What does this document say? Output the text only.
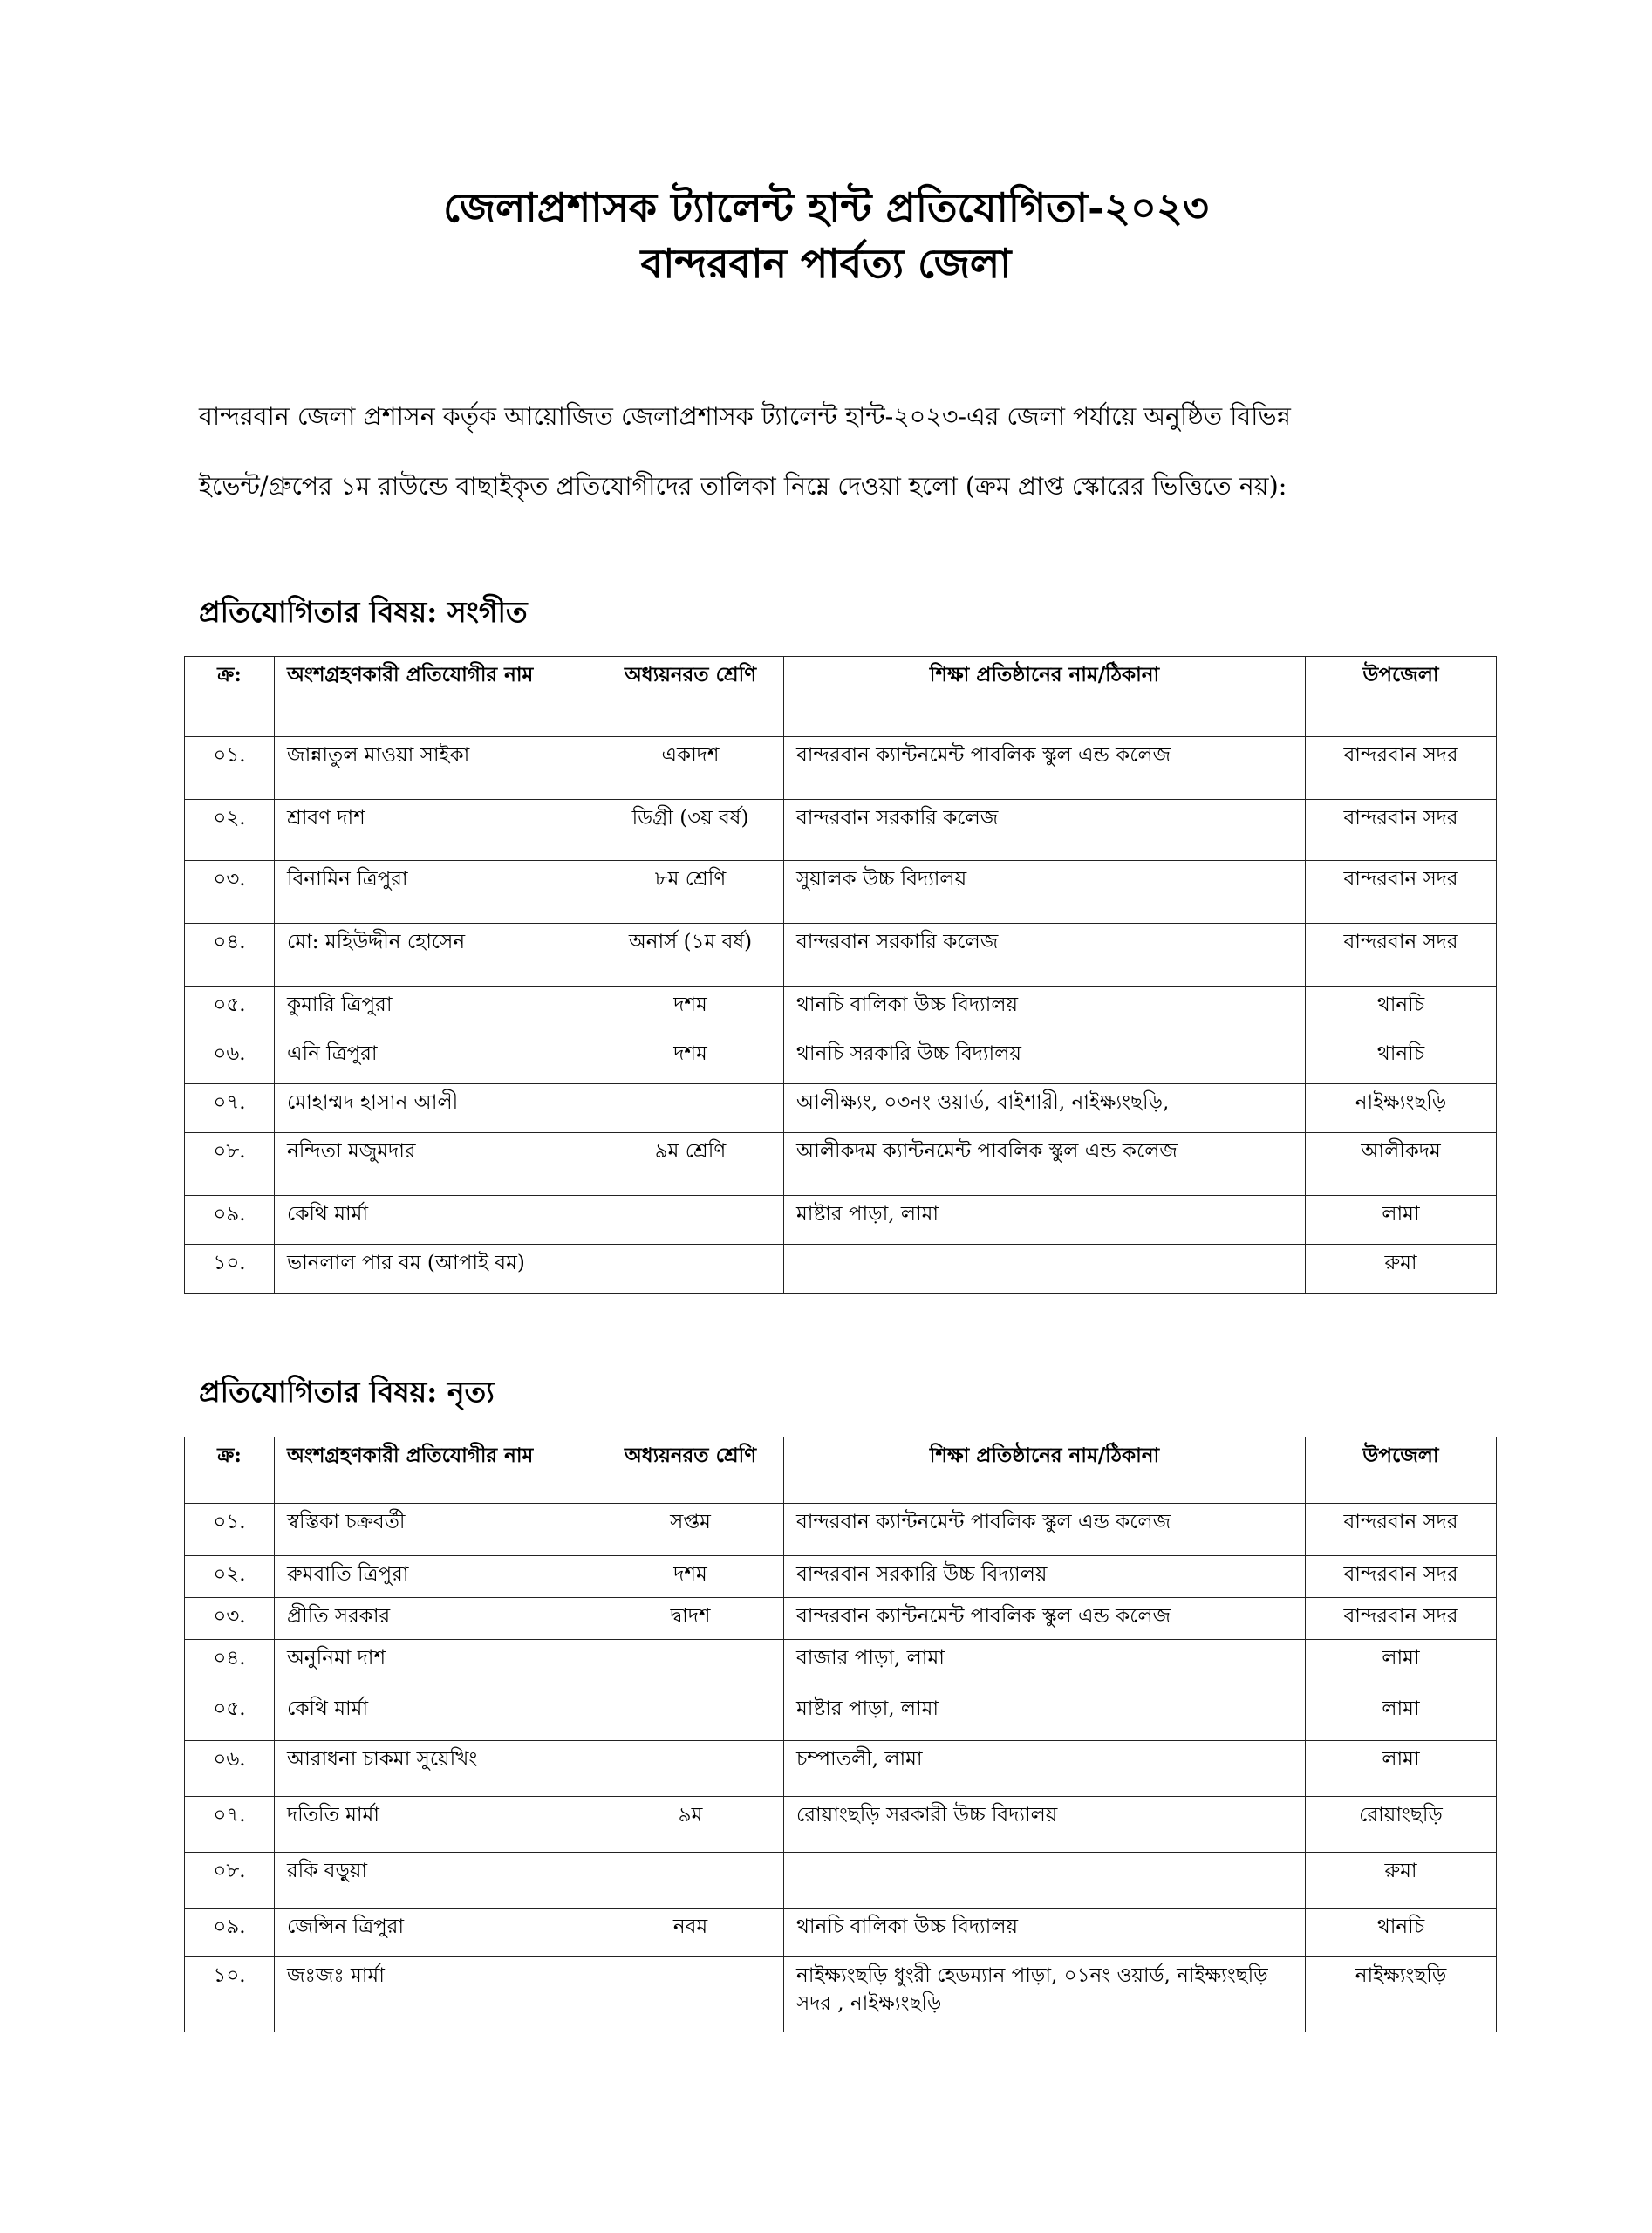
জেলাপ্রশাসক ট্যালেন্ট হান্ট প্রতিযোগিতা-২০২৩
বান্দরবান পার্বত্য জেলা
বান্দরবান জেলা প্রশাসন কর্তৃক আয়োজিত জেলাপ্রশাসক ট্যালেন্ট হান্ট-২০২৩-এর জেলা পর্যায়ে অনুষ্ঠিত বিভিন্ন
ইভেন্ট/গ্রুপের ১ম রাউন্ডে বাছাইকৃত প্রতিযোগীদের তালিকা নিম্নে দেওয়া হলো (ক্রম প্রাপ্ত স্কোরের ভিত্তিতে নয়):
প্রতিযোগিতার বিষয়: সংগীত
ক্র:	অংশগ্রহণকারী প্রতিযোগীর নাম	অধ্যয়নরত শ্রেণি	শিক্ষা প্রতিষ্ঠানের নাম/ঠিকানা	উপজেলা
০১.	জান্নাতুল মাওয়া সাইকা	একাদশ	বান্দরবান ক্যান্টনমেন্ট পাবলিক স্কুল এন্ড কলেজ	বান্দরবান সদর
০২.	শ্রাবণ দাশ	ডিগ্রী (৩য় বর্ষ)	বান্দরবান সরকারি কলেজ	বান্দরবান সদর
০৩.	বিনামিন ত্রিপুরা	৮ম শ্রেণি	সুয়ালক উচ্চ বিদ্যালয়	বান্দরবান সদর
০৪.	মো: মহিউদ্দীন হোসেন	অনার্স (১ম বর্ষ)	বান্দরবান সরকারি কলেজ	বান্দরবান সদর
০৫.	কুমারি ত্রিপুরা	দশম	থানচি বালিকা উচ্চ বিদ্যালয়	থানচি
০৬.	এনি ত্রিপুরা	দশম	থানচি সরকারি উচ্চ বিদ্যালয়	থানচি
০৭.	মোহাম্মদ হাসান আলী		আলীক্ষ্যং, ০৩নং ওয়ার্ড, বাইশারী, নাইক্ষ্যংছড়ি,	নাইক্ষ্যংছড়ি
০৮.	নন্দিতা মজুমদার	৯ম শ্রেণি	আলীকদম ক্যান্টনমেন্ট পাবলিক স্কুল এন্ড কলেজ	আলীকদম
০৯.	কেথি মার্মা		মাষ্টার পাড়া, লামা	লামা
১০.	ভানলাল পার বম (আপাই বম)			রুমা
প্রতিযোগিতার বিষয়: নৃত্য
ক্র:	অংশগ্রহণকারী প্রতিযোগীর নাম	অধ্যয়নরত শ্রেণি	শিক্ষা প্রতিষ্ঠানের নাম/ঠিকানা	উপজেলা
০১.	স্বস্তিকা চক্রবর্তী	সপ্তম	বান্দরবান ক্যান্টনমেন্ট পাবলিক স্কুল এন্ড কলেজ	বান্দরবান সদর
০২.	রুমবাতি ত্রিপুরা	দশম	বান্দরবান সরকারি উচ্চ বিদ্যালয়	বান্দরবান সদর
০৩.	প্রীতি সরকার	দ্বাদশ	বান্দরবান ক্যান্টনমেন্ট পাবলিক স্কুল এন্ড কলেজ	বান্দরবান সদর
০৪.	অনুনিমা দাশ		বাজার পাড়া, লামা	লামা
০৫.	কেথি মার্মা		মাষ্টার পাড়া, লামা	লামা
০৬.	আরাধনা চাকমা সুয়েখিং		চম্পাতলী, লামা	লামা
০৭.	দতিতি মার্মা	৯ম	রোয়াংছড়ি সরকারী উচ্চ বিদ্যালয়	রোয়াংছড়ি
০৮.	রকি বড়ুয়া			রুমা
০৯.	জেন্সিন ত্রিপুরা	নবম	থানচি বালিকা উচ্চ বিদ্যালয়	থানচি
১০.	জঃজঃ মার্মা		নাইক্ষ্যংছড়ি ধুংরী হেডম্যান পাড়া, ০১নং ওয়ার্ড, নাইক্ষ্যংছড়ি সদর , নাইক্ষ্যংছড়ি	নাইক্ষ্যংছড়ি
